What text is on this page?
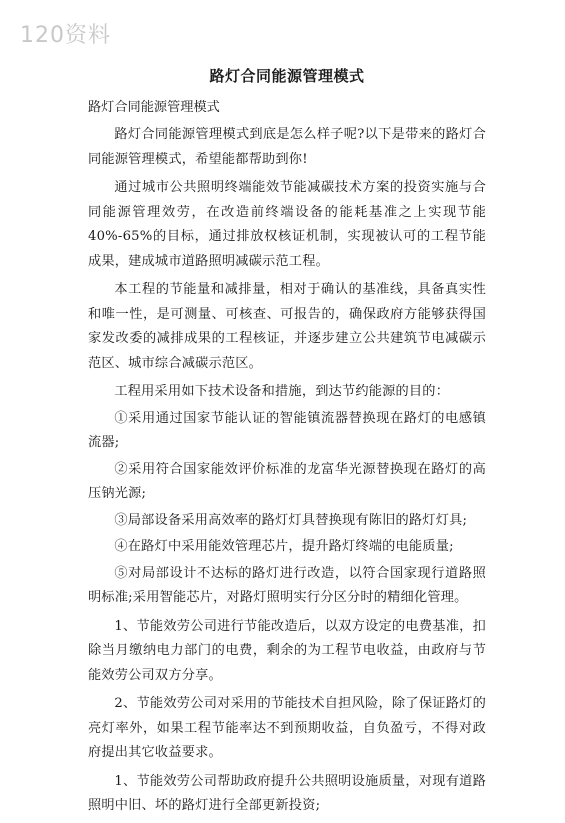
120资料
路灯合同能源管理模式
路灯合同能源管理模式

路灯合同能源管理模式到底是怎么样子呢?以下是带来的路灯合同能源管理模式，希望能都帮助到你!

通过城市公共照明终端能效节能减碳技术方案的投资实施与合同能源管理效劳，在改造前终端设备的能耗基准之上实现节能 40%-65%的目标，通过排放权核证机制，实现被认可的工程节能成果，建成城市道路照明减碳示范工程。

本工程的节能量和减排量，相对于确认的基准线，具备真实性和唯一性，是可测量、可核查、可报告的，确保政府方能够获得国家发改委的减排成果的工程核证，并逐步建立公共建筑节电减碳示范区、城市综合减碳示范区。

工程用采用如下技术设备和措施，到达节约能源的目的：

①采用通过国家节能认证的智能镇流器替换现在路灯的电感镇流器;

②采用符合国家能效评价标准的龙富华光源替换现在路灯的高压钠光源;

③局部设备采用高效率的路灯灯具替换现有陈旧的路灯灯具;

④在路灯中采用能效管理芯片，提升路灯终端的电能质量;

⑤对局部设计不达标的路灯进行改造，以符合国家现行道路照明标准;采用智能芯片，对路灯照明实行分区分时的精细化管理。

1、节能效劳公司进行节能改造后，以双方设定的电费基准，扣除当月缴纳电力部门的电费，剩余的为工程节电收益，由政府与节能效劳公司双方分享。

2、节能效劳公司对采用的节能技术自担风险，除了保证路灯的亮灯率外，如果工程节能率达不到预期收益，自负盈亏，不得对政府提出其它收益要求。

1、节能效劳公司帮助政府提升公共照明设施质量，对现有道路照明中旧、坏的路灯进行全部更新投资;
